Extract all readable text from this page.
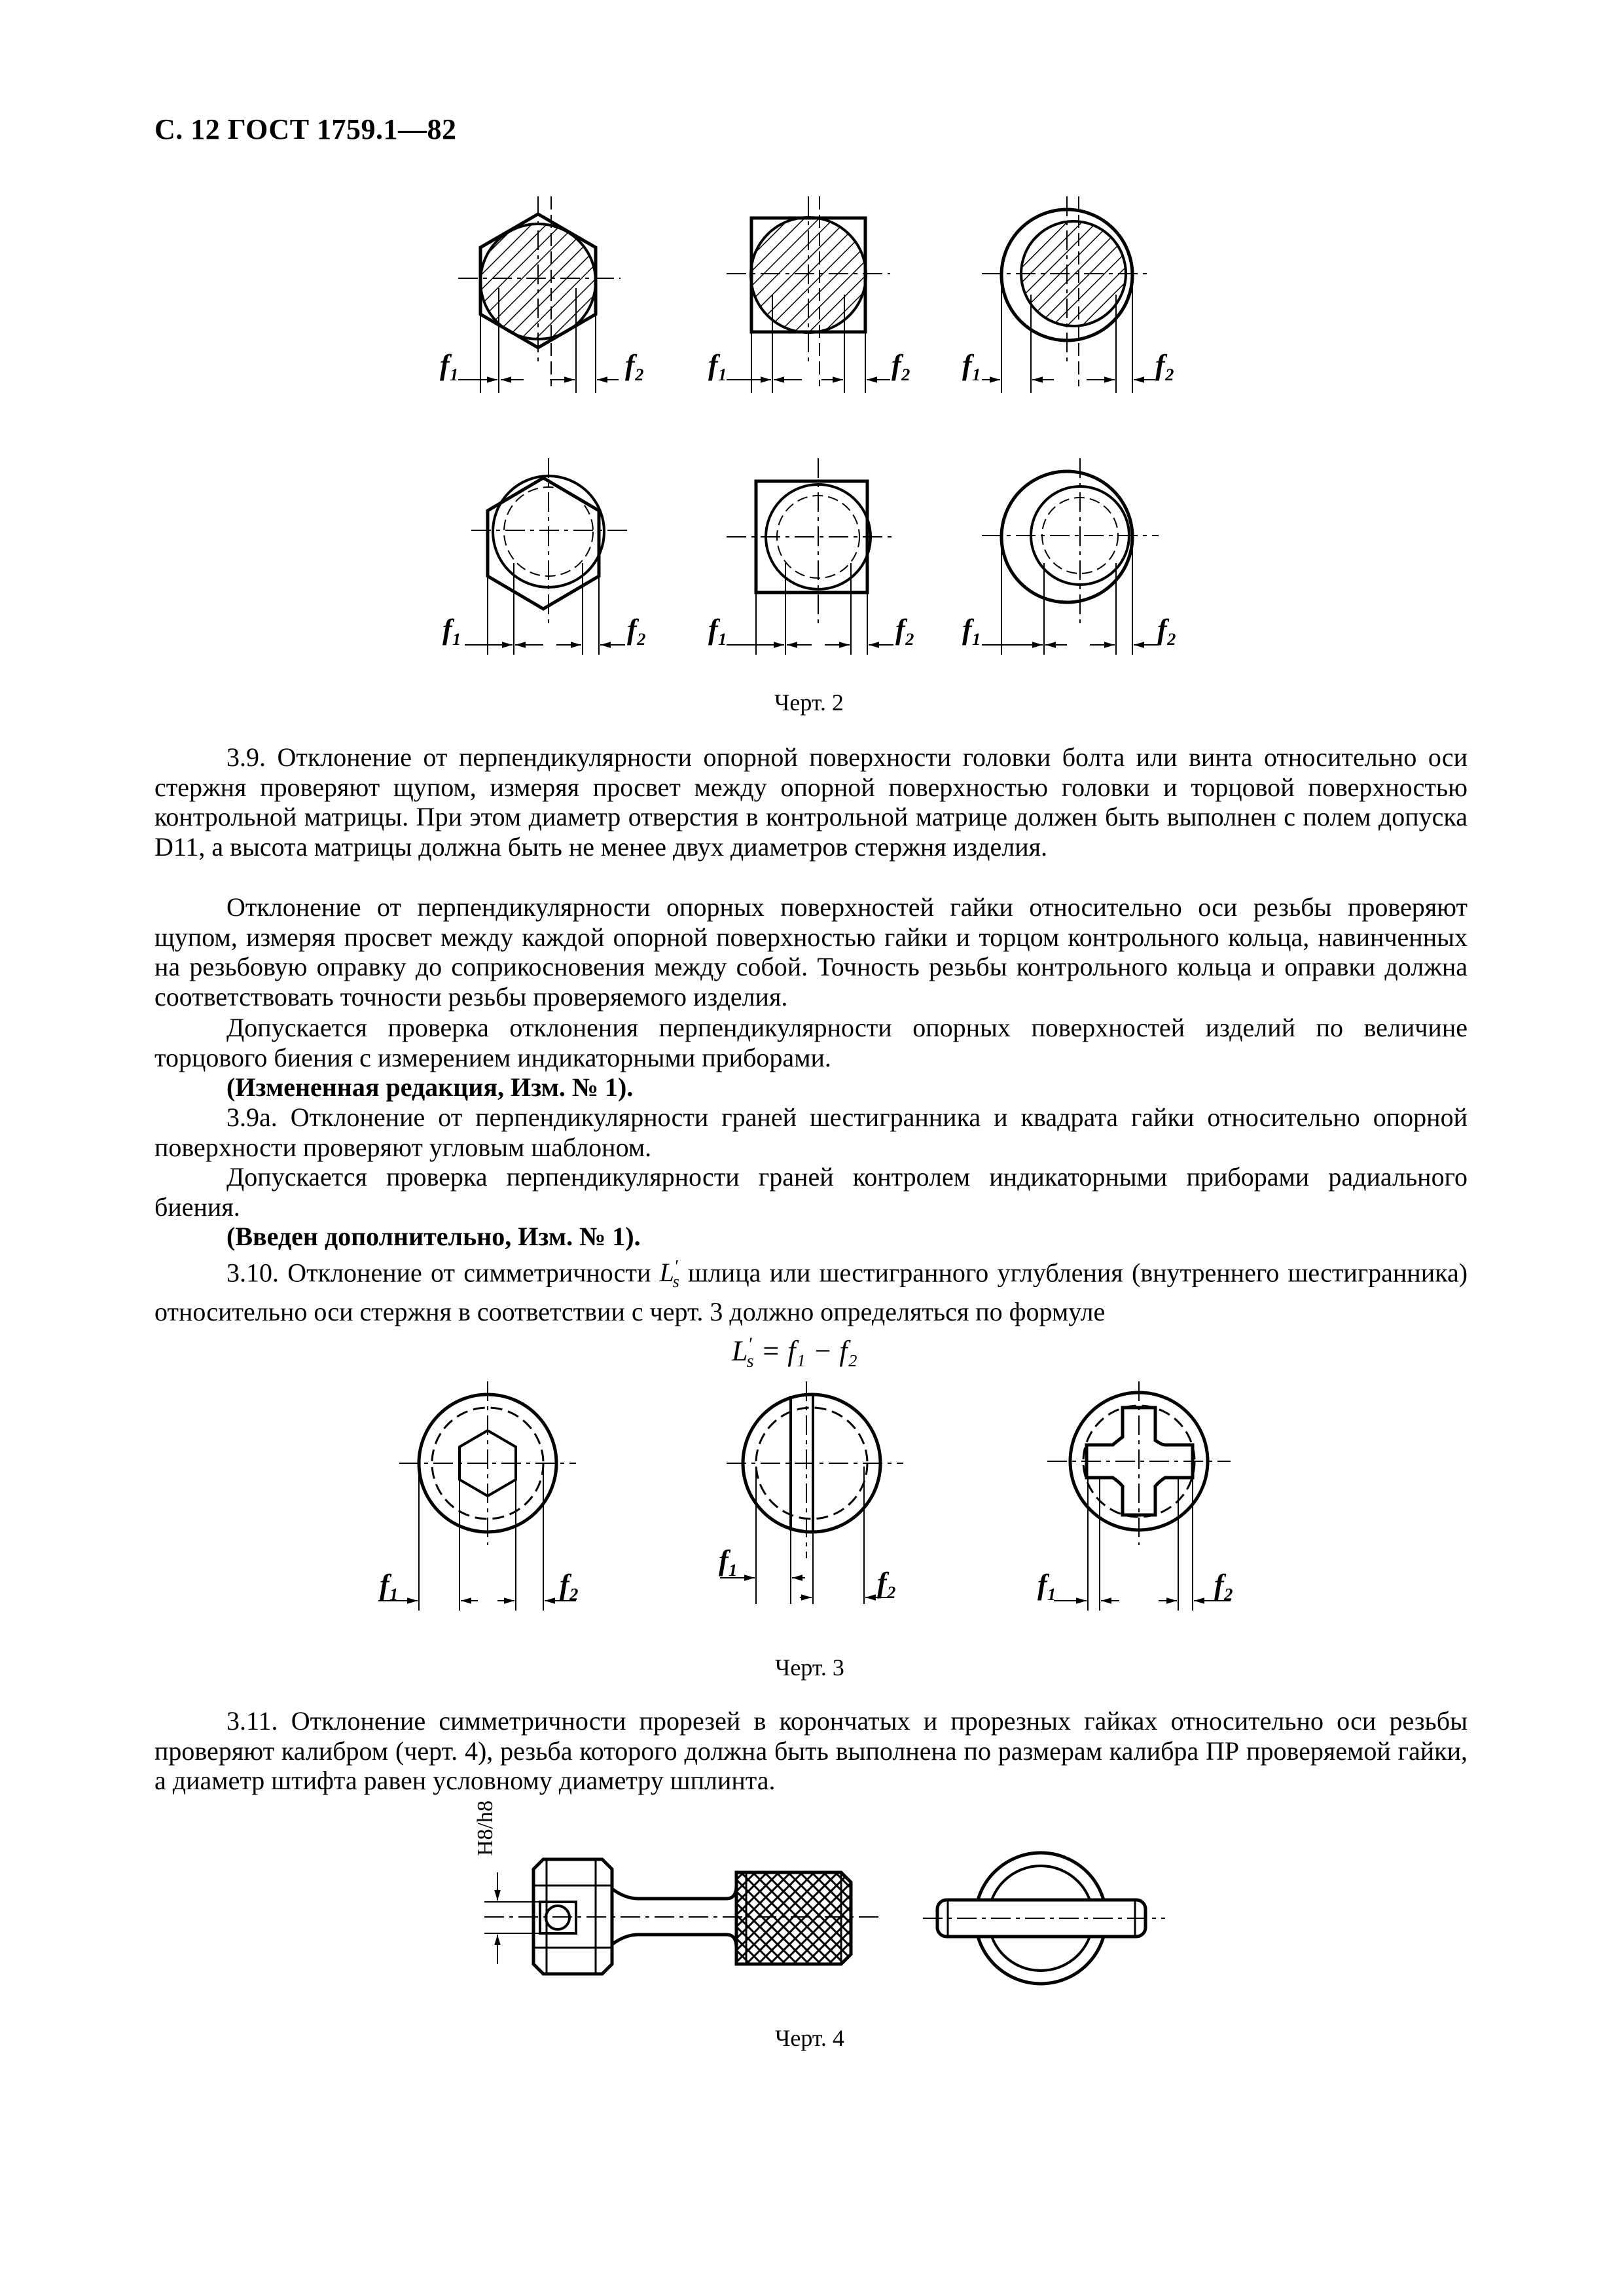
С. 12 ГОСТ 1759.1—82
f₁	f₂ f₁	f₂ f₁	f₂
f₁	f₂ f₁	f₂ f₁	f₂
Черт. 2
3.9. Отклонение от перпендикулярности опорной поверхности головки болта или винта относительно оси стержня проверяют щупом, измеряя просвет между опорной поверхностью головки и торцовой поверхностью контрольной матрицы. При этом диаметр отверстия в контрольной матрице должен быть выполнен с полем допуска D11, а высота матрицы должна быть не менее двух диаметров стержня изделия.
Отклонение от перпендикулярности опорных поверхностей гайки относительно оси резьбы проверяют щупом, измеряя просвет между каждой опорной поверхностью гайки и торцом контрольного кольца, навинченных на резьбовую оправку до соприкосновения между собой. Точность резьбы контрольного кольца и оправки должна соответствовать точности резьбы проверяемого изделия.
Допускается проверка отклонения перпендикулярности опорных поверхностей изделий по величине торцового биения с измерением индикаторными приборами.
(Измененная редакция, Изм. № 1).
3.9а. Отклонение от перпендикулярности граней шестигранника и квадрата гайки относительно опорной поверхности проверяют угловым шаблоном.
Допускается проверка перпендикулярности граней контролем индикаторными приборами радиального биения.
(Введен дополнительно, Изм. № 1).
3.10. Отклонение от симметричности $L'_s$ шлица или шестигранного углубления (внутреннего шестигранника) относительно оси стержня в соответствии с черт. 3 должно определяться по формуле
$L'_s = f_1 - f_2$
f₁	f₂
f₁
f₂	f₁	f₂
Черт. 3
3.11. Отклонение симметричности прорезей в корончатых и прорезных гайках относительно оси резьбы проверяют калибром (черт. 4), резьба которого должна быть выполнена по размерам калибра ПР проверяемой гайки, а диаметр штифта равен условному диаметру шплинта.
H8/h8
Черт. 4
